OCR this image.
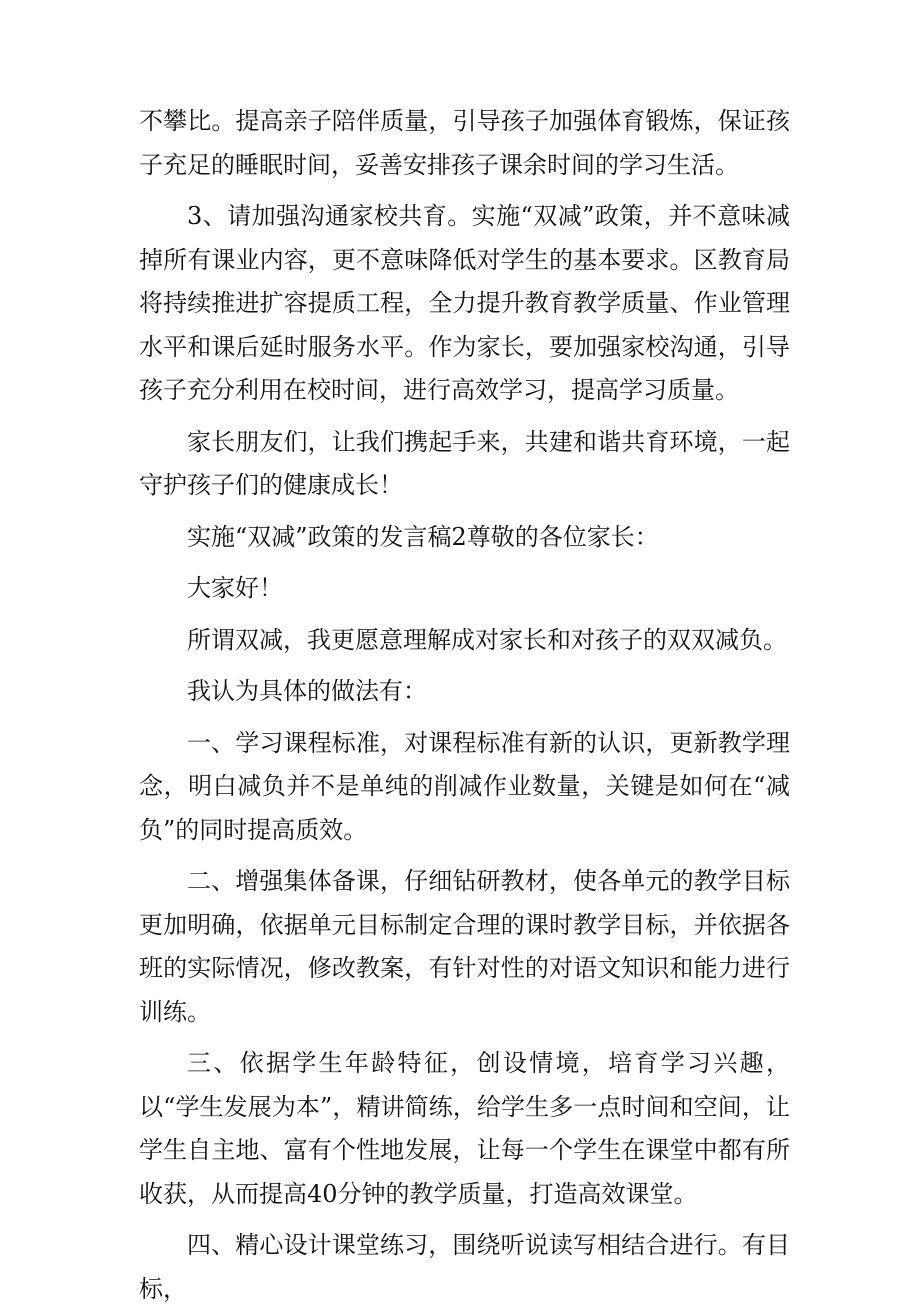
不攀比。提高亲子陪伴质量，引导孩子加强体育锻炼，保证孩子充足的睡眠时间，妥善安排孩子课余时间的学习生活。

3、请加强沟通家校共育。实施“双减”政策，并不意味减掉所有课业内容，更不意味降低对学生的基本要求。区教育局将持续推进扩容提质工程，全力提升教育教学质量、作业管理水平和课后延时服务水平。作为家长，要加强家校沟通，引导孩子充分利用在校时间，进行高效学习，提高学习质量。

家长朋友们，让我们携起手来，共建和谐共育环境，一起守护孩子们的健康成长！

实施“双减”政策的发言稿2尊敬的各位家长：

大家好！

所谓双减，我更愿意理解成对家长和对孩子的双双减负。

我认为具体的做法有：

一、学习课程标准，对课程标准有新的认识，更新教学理念，明白减负并不是单纯的削减作业数量，关键是如何在“减负”的同时提高质效。

二、增强集体备课，仔细钻研教材，使各单元的教学目标更加明确，依据单元目标制定合理的课时教学目标，并依据各班的实际情况，修改教案，有针对性的对语文知识和能力进行训练。

三、依据学生年龄特征，创设情境，培育学习兴趣，以“学生发展为本”，精讲简练，给学生多一点时间和空间，让学生自主地、富有个性地发展，让每一个学生在课堂中都有所收获，从而提高40分钟的教学质量，打造高效课堂。

四、精心设计课堂练习，围绕听说读写相结合进行。有目标，
